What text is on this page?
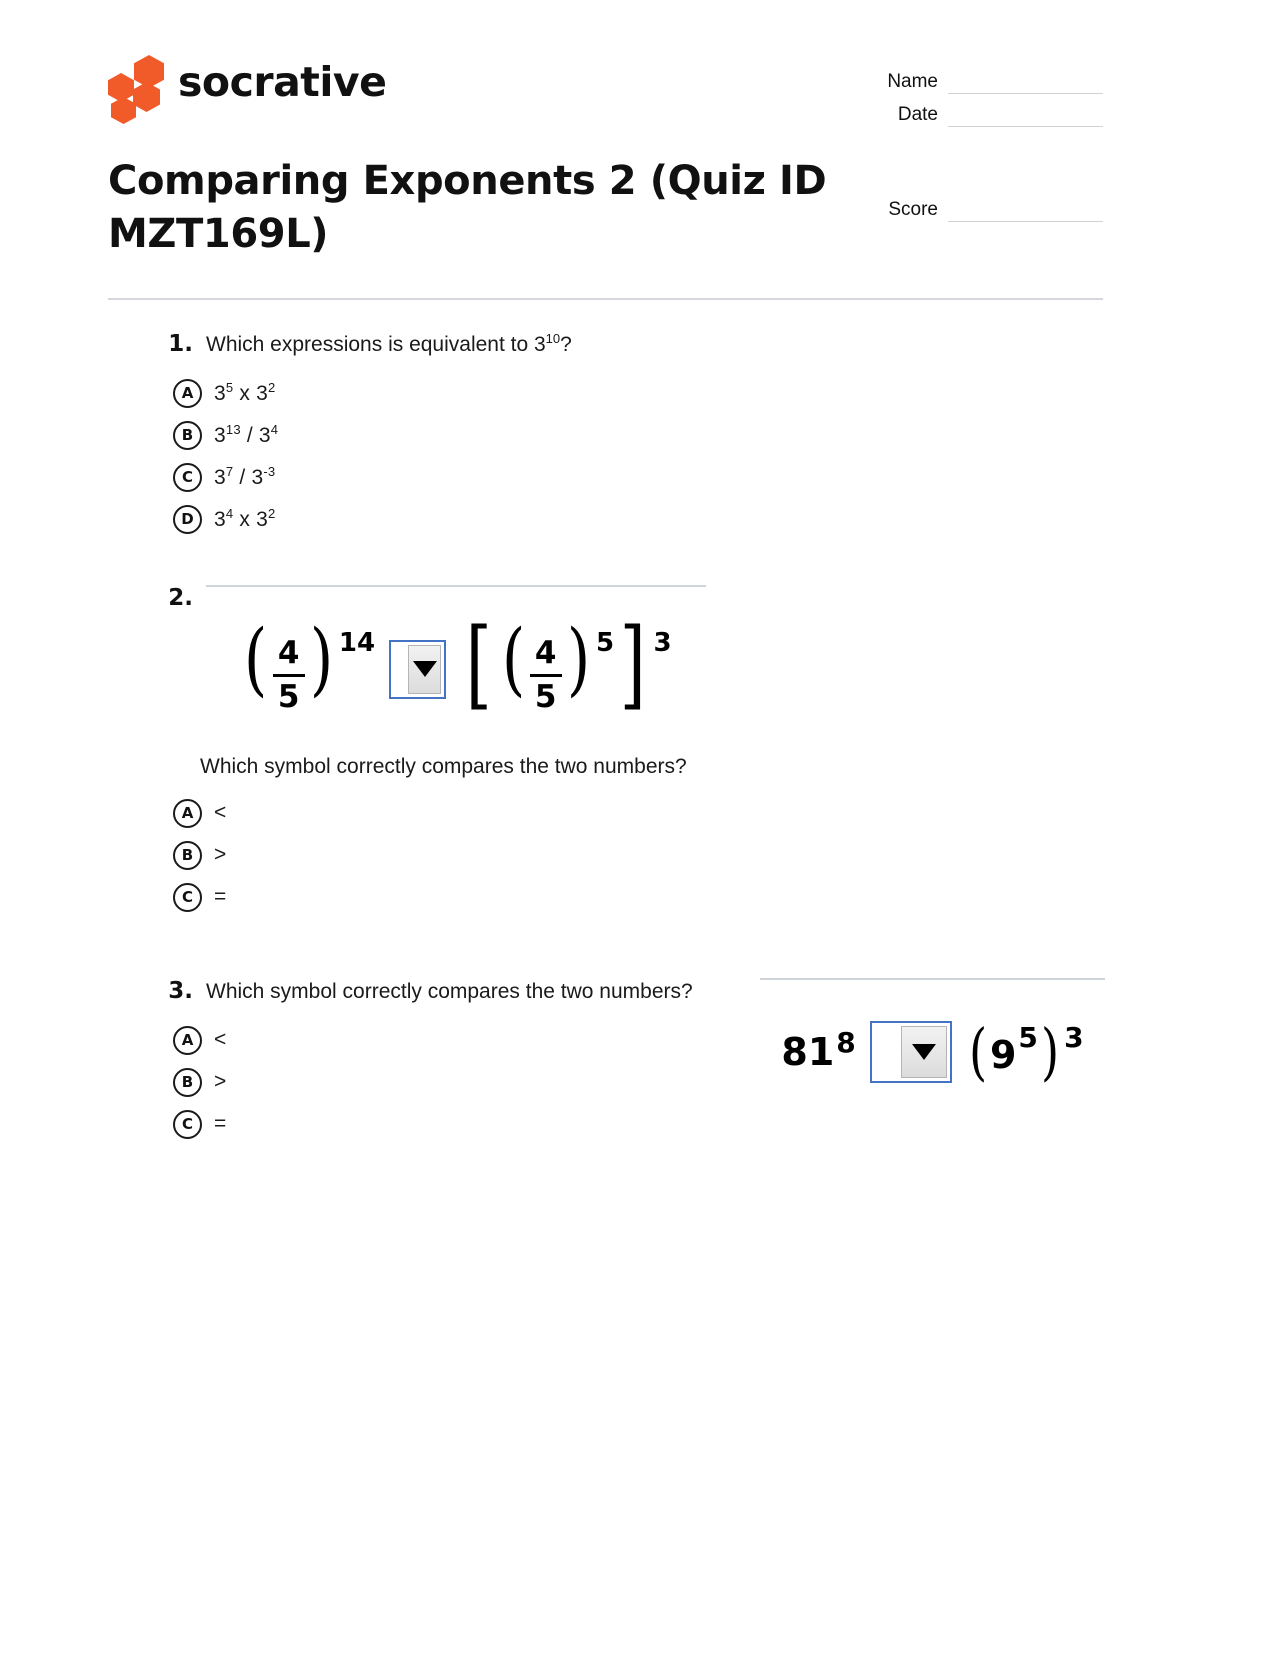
socrative
Comparing Exponents 2 (Quiz ID MZT169L)
Name
Date
Score
1. Which expressions is equivalent to $3^{10}$?
A $3^5$ x $3^2$
B $3^{13} / 3^4$
C	$3^7 / 3^{-3}$
D $3^4$ x $3^2$
2.
( $\frac{4}{5}$ ) 14 [ ( $\frac{4}{5}$ ) 5 ] 3
Which symbol correctly compares the two numbers?
A <
B >
C	=
3. Which symbol correctly compares the two numbers?
A <
B >
C	=
81 8 ( 9 5 ) 3
